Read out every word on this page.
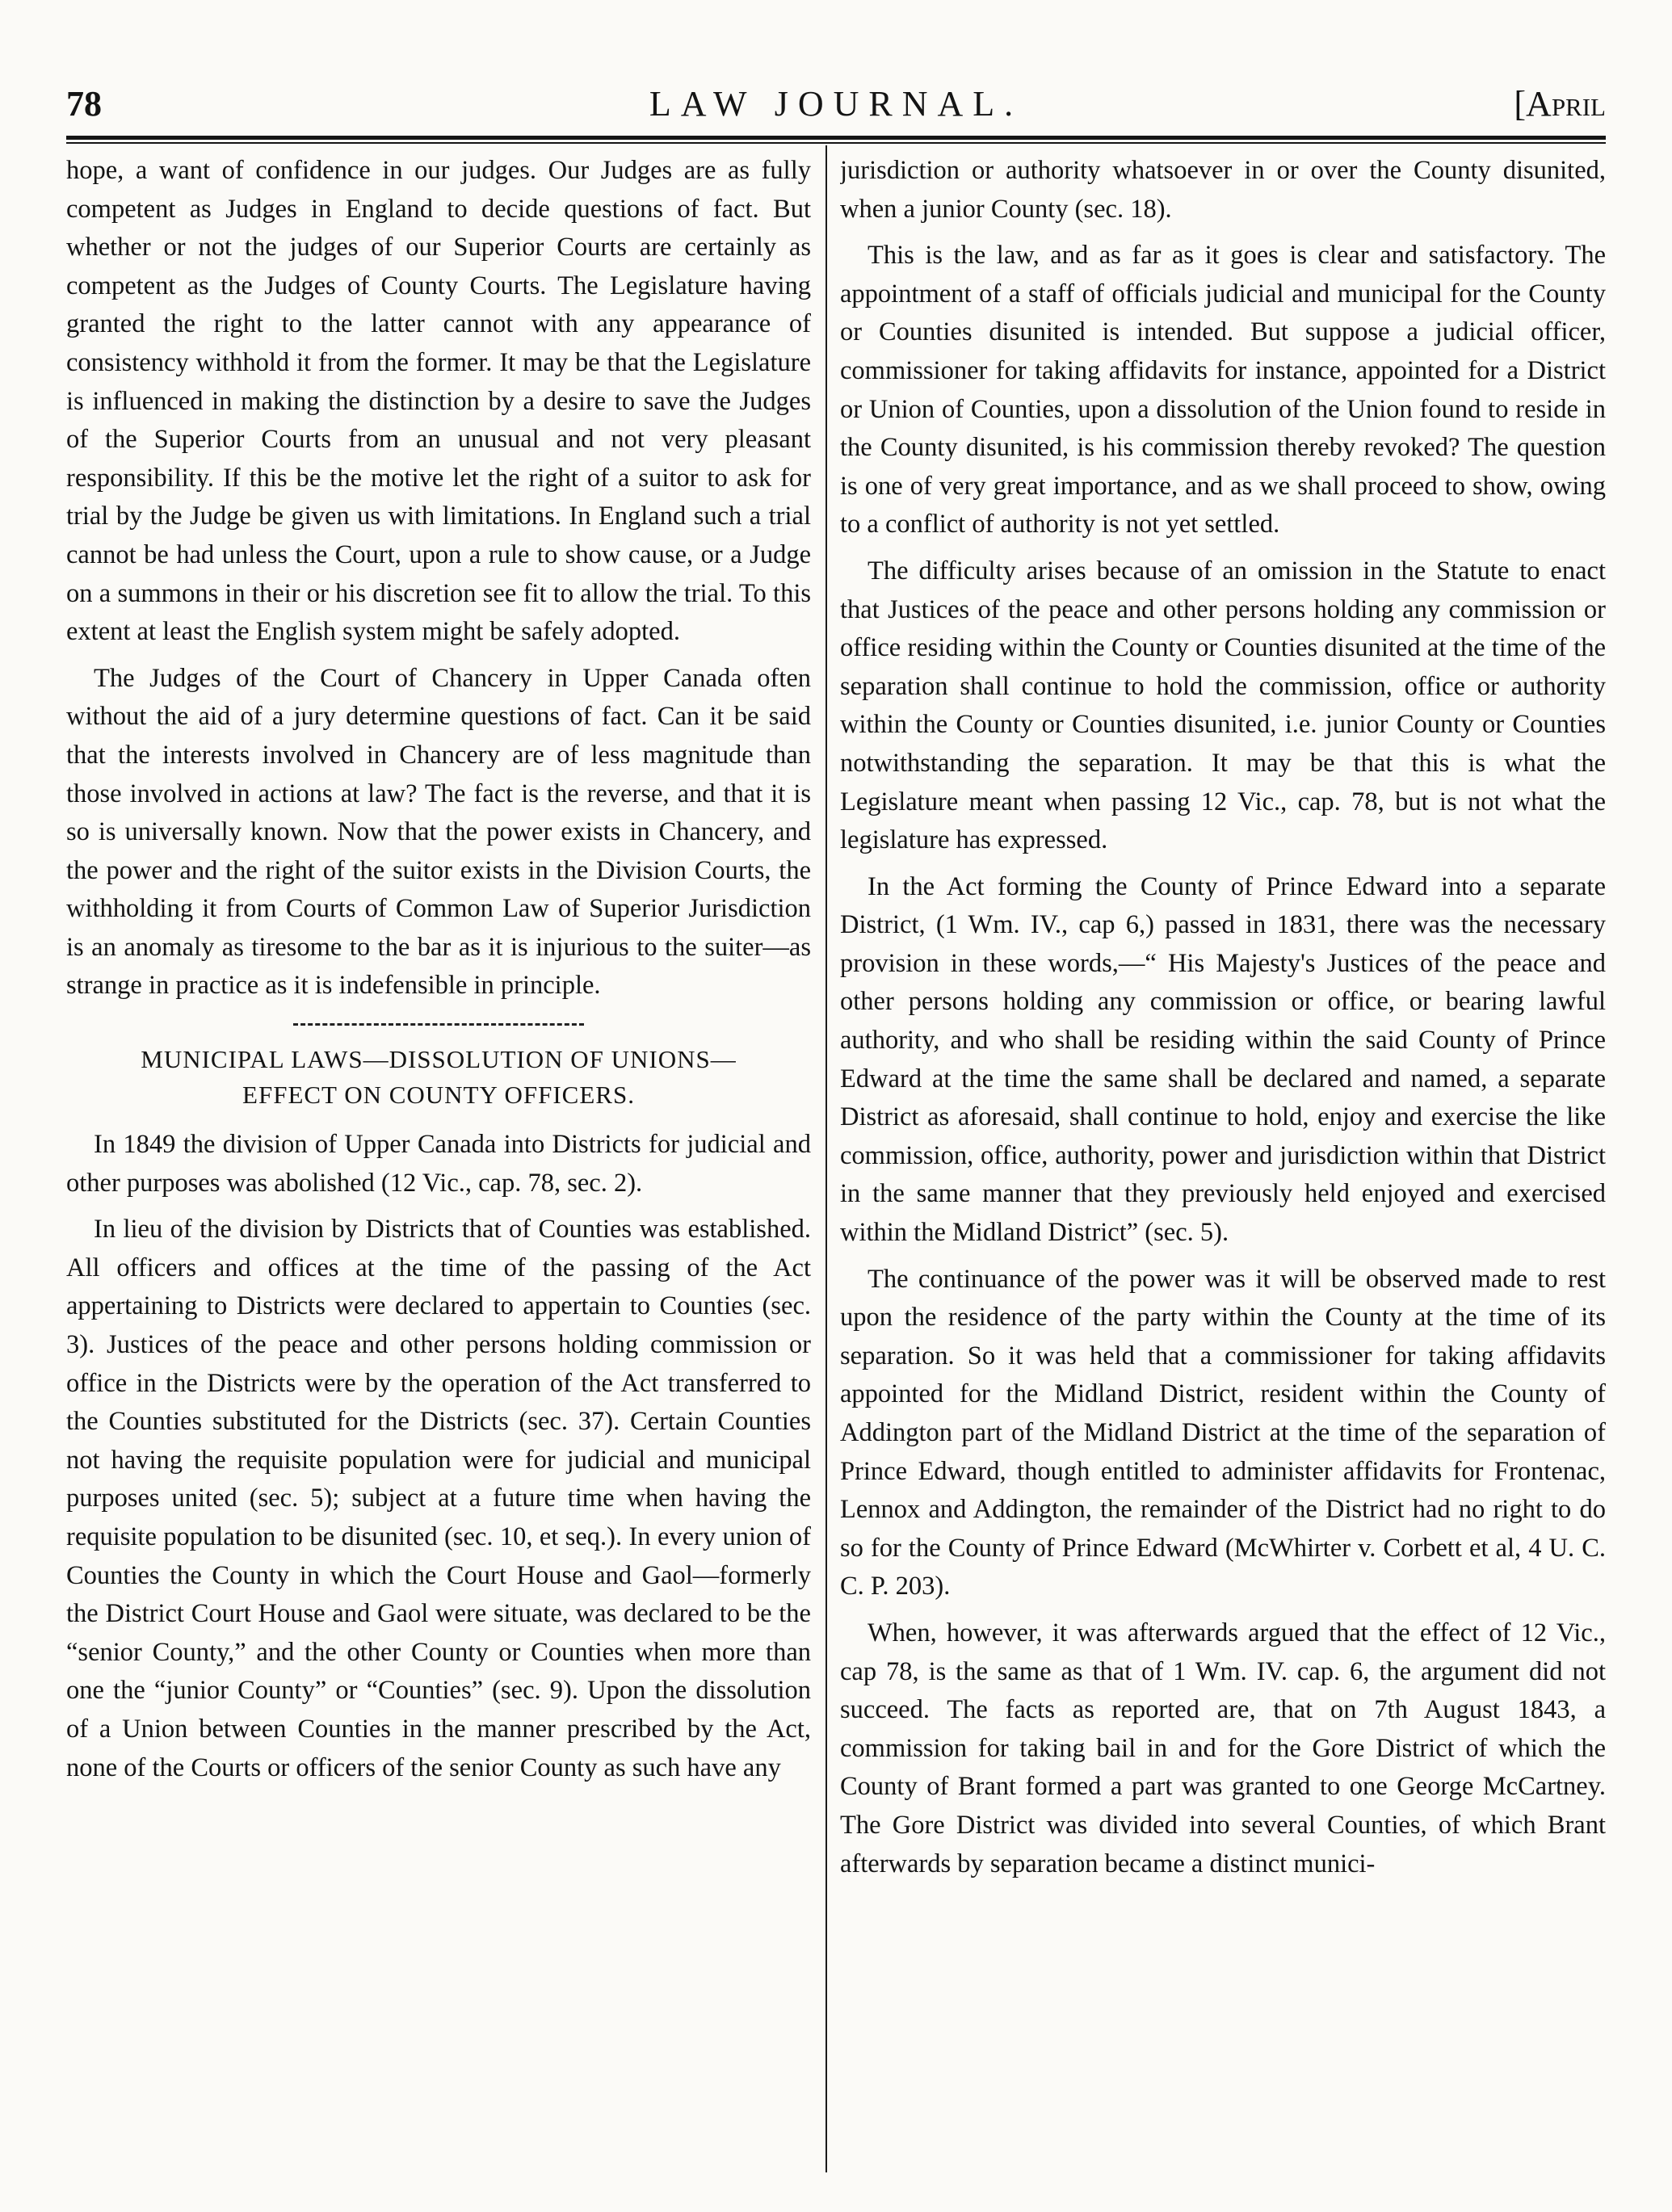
78	LAW JOURNAL.	[April

hope, a want of confidence in our judges. Our Judges are as fully competent as Judges in England to decide questions of fact. But whether or not the judges of our Superior Courts are certainly as competent as the Judges of County Courts. The Legislature having granted the right to the latter cannot with any appearance of consistency withhold it from the former. It may be that the Legislature is influenced in making the distinction by a desire to save the Judges of the Superior Courts from an unusual and not very pleasant responsibility. If this be the motive let the right of a suitor to ask for trial by the Judge be given us with limitations. In England such a trial cannot be had unless the Court, upon a rule to show cause, or a Judge on a summons in their or his discretion see fit to allow the trial. To this extent at least the English system might be safely adopted.

The Judges of the Court of Chancery in Upper Canada often without the aid of a jury determine questions of fact. Can it be said that the interests involved in Chancery are of less magnitude than those involved in actions at law? The fact is the reverse, and that it is so is universally known. Now that the power exists in Chancery, and the power and the right of the suitor exists in the Division Courts, the withholding it from Courts of Common Law of Superior Jurisdiction is an anomaly as tiresome to the bar as it is injurious to the suiter—as strange in practice as it is indefensible in principle.

MUNICIPAL LAWS—DISSOLUTION OF UNIONS— EFFECT ON COUNTY OFFICERS.

In 1849 the division of Upper Canada into Districts for judicial and other purposes was abolished (12 Vic., cap. 78, sec. 2).

In lieu of the division by Districts that of Counties was established. All officers and offices at the time of the passing of the Act appertaining to Districts were declared to appertain to Counties (sec. 3). Justices of the peace and other persons holding commission or office in the Districts were by the operation of the Act transferred to the Counties substituted for the Districts (sec. 37). Certain Counties not having the requisite population were for judicial and municipal purposes united (sec. 5); subject at a future time when having the requisite population to be disunited (sec. 10, et seq.). In every union of Counties the County in which the Court House and Gaol—formerly the District Court House and Gaol were situate, was declared to be the “senior County,” and the other County or Counties when more than one the “junior County” or “Counties” (sec. 9). Upon the dissolution of a Union between Counties in the manner prescribed by the Act, none of the Courts or officers of the senior County as such have any

jurisdiction or authority whatsoever in or over the County disunited, when a junior County (sec. 18).

This is the law, and as far as it goes is clear and satisfactory. The appointment of a staff of officials judicial and municipal for the County or Counties disunited is intended. But suppose a judicial officer, commissioner for taking affidavits for instance, appointed for a District or Union of Counties, upon a dissolution of the Union found to reside in the County disunited, is his commission thereby revoked? The question is one of very great importance, and as we shall proceed to show, owing to a conflict of authority is not yet settled.

The difficulty arises because of an omission in the Statute to enact that Justices of the peace and other persons holding any commission or office residing within the County or Counties disunited at the time of the separation shall continue to hold the commission, office or authority within the County or Counties disunited, i.e. junior County or Counties notwithstanding the separation. It may be that this is what the Legislature meant when passing 12 Vic., cap. 78, but is not what the legislature has expressed.

In the Act forming the County of Prince Edward into a separate District, (1 Wm. IV., cap 6,) passed in 1831, there was the necessary provision in these words,—“ His Majesty's Justices of the peace and other persons holding any commission or office, or bearing lawful authority, and who shall be residing within the said County of Prince Edward at the time the same shall be declared and named, a separate District as aforesaid, shall continue to hold, enjoy and exercise the like commission, office, authority, power and jurisdiction within that District in the same manner that they previously held enjoyed and exercised within the Midland District” (sec. 5).

The continuance of the power was it will be observed made to rest upon the residence of the party within the County at the time of its separation. So it was held that a commissioner for taking affidavits appointed for the Midland District, resident within the County of Addington part of the Midland District at the time of the separation of Prince Edward, though entitled to administer affidavits for Frontenac, Lennox and Addington, the remainder of the District had no right to do so for the County of Prince Edward (McWhirter v. Corbett et al, 4 U. C. C. P. 203).

When, however, it was afterwards argued that the effect of 12 Vic., cap 78, is the same as that of 1 Wm. IV. cap. 6, the argument did not succeed. The facts as reported are, that on 7th August 1843, a commission for taking bail in and for the Gore District of which the County of Brant formed a part was granted to one George McCartney. The Gore District was divided into several Counties, of which Brant afterwards by separation became a distinct munici-
